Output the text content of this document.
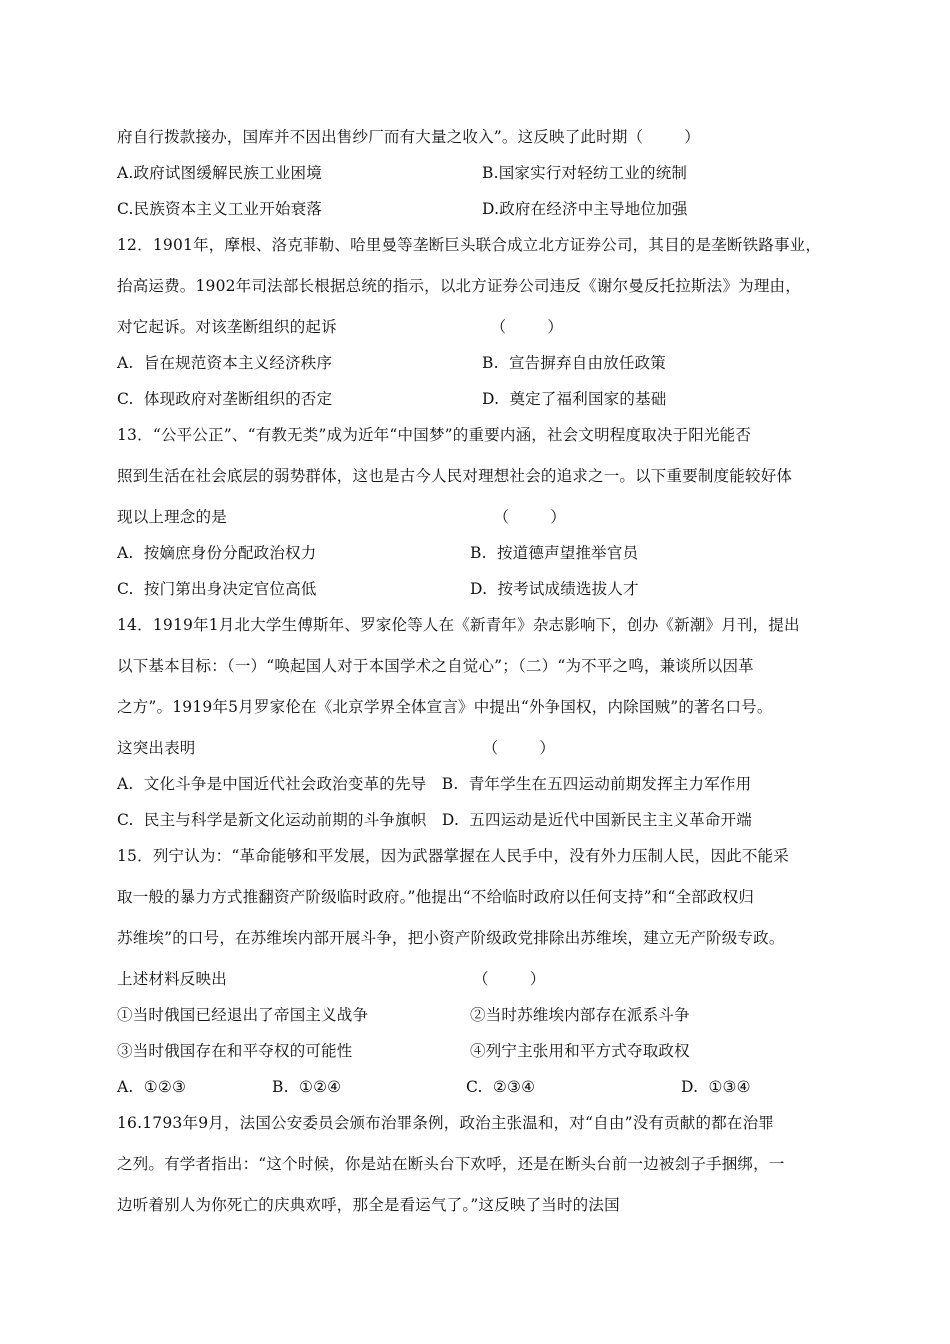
府自行拨款接办，国库并不因出售纱厂而有大量之收入”。这反映了此时期（        ）
A.政府试图缓解民族工业困境	B.国家实行对轻纺工业的统制
C.民族资本主义工业开始衰落	D.政府在经济中主导地位加强
12．1901年，摩根、洛克菲勒、哈里曼等垄断巨头联合成立北方证券公司，其目的是垄断铁路事业，
抬高运费。1902年司法部长根据总统的指示，以北方证券公司违反《谢尔曼反托拉斯法》为理由，
对它起诉。对该垄断组织的起诉                              （        ）
A.  旨在规范资本主义经济秩序	B.  宣告摒弃自由放任政策
C.  体现政府对垄断组织的否定	D.  奠定了福利国家的基础
13．“公平公正”、“有教无类”成为近年“中国梦”的重要内涵，社会文明程度取决于阳光能否
照到生活在社会底层的弱势群体，这也是古今人民对理想社会的追求之一。以下重要制度能较好体
现以上理念的是                                                    （        ）
A.  按嫡庶身份分配政治权力	B.  按道德声望推举官员
C.  按门第出身决定官位高低	D.  按考试成绩选拔人才
14．1919年1月北大学生傅斯年、罗家伦等人在《新青年》杂志影响下，创办《新潮》月刊，提出
以下基本目标：（一）“唤起国人对于本国学术之自觉心”；（二）“为不平之鸣，兼谈所以因革
之方”。1919年5月罗家伦在《北京学界全体宣言》中提出“外争国权，内除国贼”的著名口号。
这突出表明                                                        （        ）
A.  文化斗争是中国近代社会政治变革的先导   B.  青年学生在五四运动前期发挥主力军作用
C.  民主与科学是新文化运动前期的斗争旗帜   D.  五四运动是近代中国新民主主义革命开端
15．列宁认为：“革命能够和平发展，因为武器掌握在人民手中，没有外力压制人民，因此不能采
取一般的暴力方式推翻资产阶级临时政府。”他提出“不给临时政府以任何支持”和“全部政权归
苏维埃”的口号，在苏维埃内部开展斗争，把小资产阶级政党排除出苏维埃，建立无产阶级专政。
上述材料反映出                                                （        ）
①当时俄国已经退出了帝国主义战争	②当时苏维埃内部存在派系斗争
③当时俄国存在和平夺权的可能性	④列宁主张用和平方式夺取政权
A.  ①②③	B.  ①②④	C.  ②③④	D.  ①③④
16.1793年9月，法国公安委员会颁布治罪条例，政治主张温和，对“自由”没有贡献的都在治罪
之列。有学者指出：“这个时候，你是站在断头台下欢呼，还是在断头台前一边被刽子手捆绑，一
边听着别人为你死亡的庆典欢呼，那全是看运气了。”这反映了当时的法国
